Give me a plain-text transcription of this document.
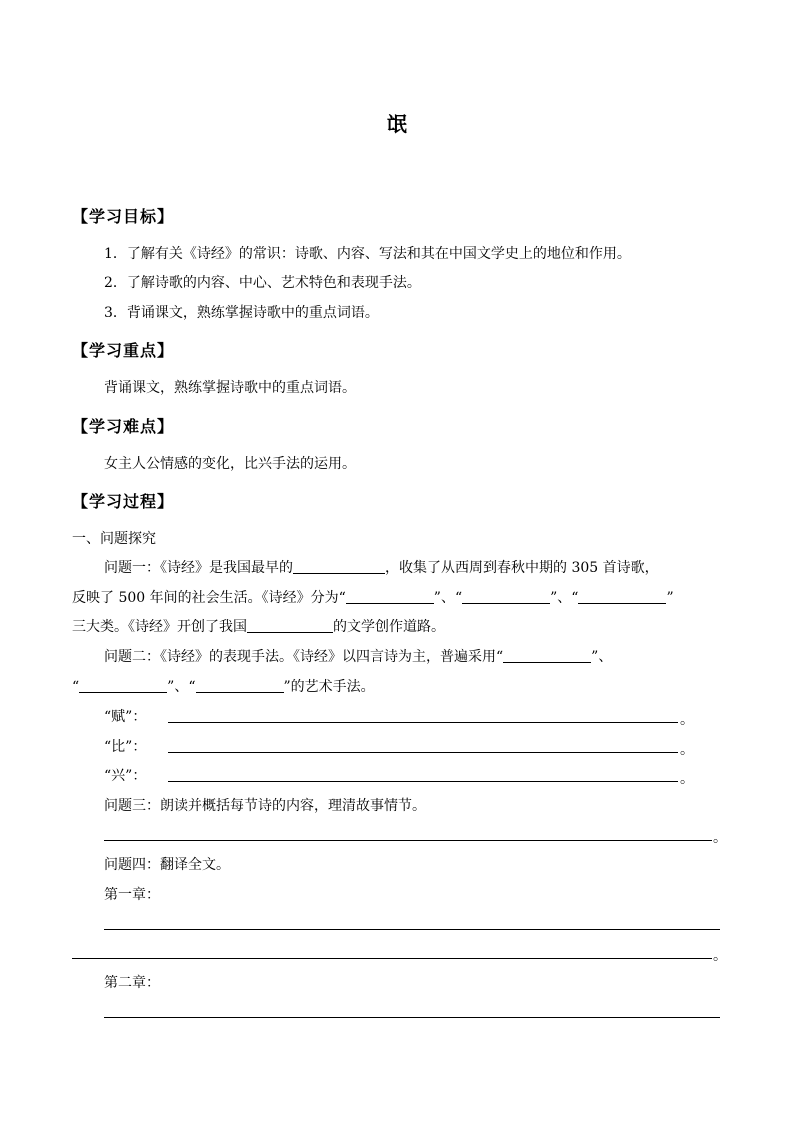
氓
【学习目标】
1．了解有关《诗经》的常识：诗歌、内容、写法和其在中国文学史上的地位和作用。
2．了解诗歌的内容、中心、艺术特色和表现手法。
3．背诵课文，熟练掌握诗歌中的重点词语。
【学习重点】
背诵课文，熟练掌握诗歌中的重点词语。
【学习难点】
女主人公情感的变化，比兴手法的运用。
【学习过程】
一、问题探究
问题一：《诗经》是我国最早的	，收集了从西周到春秋中期的 305 首诗歌，
反映了 500 年间的社会生活。《诗经》分为“	”、“	”、“	”
三大类。《诗经》开创了我国	的文学创作道路。
问题二：《诗经》的表现手法。《诗经》以四言诗为主，普遍采用“	”、
“	”、“	”的艺术手法。
“赋”：	。
“比”：	。
“兴”：	。
问题三：朗读并概括每节诗的内容，理清故事情节。
。
问题四：翻译全文。
第一章：
。
第二章：
